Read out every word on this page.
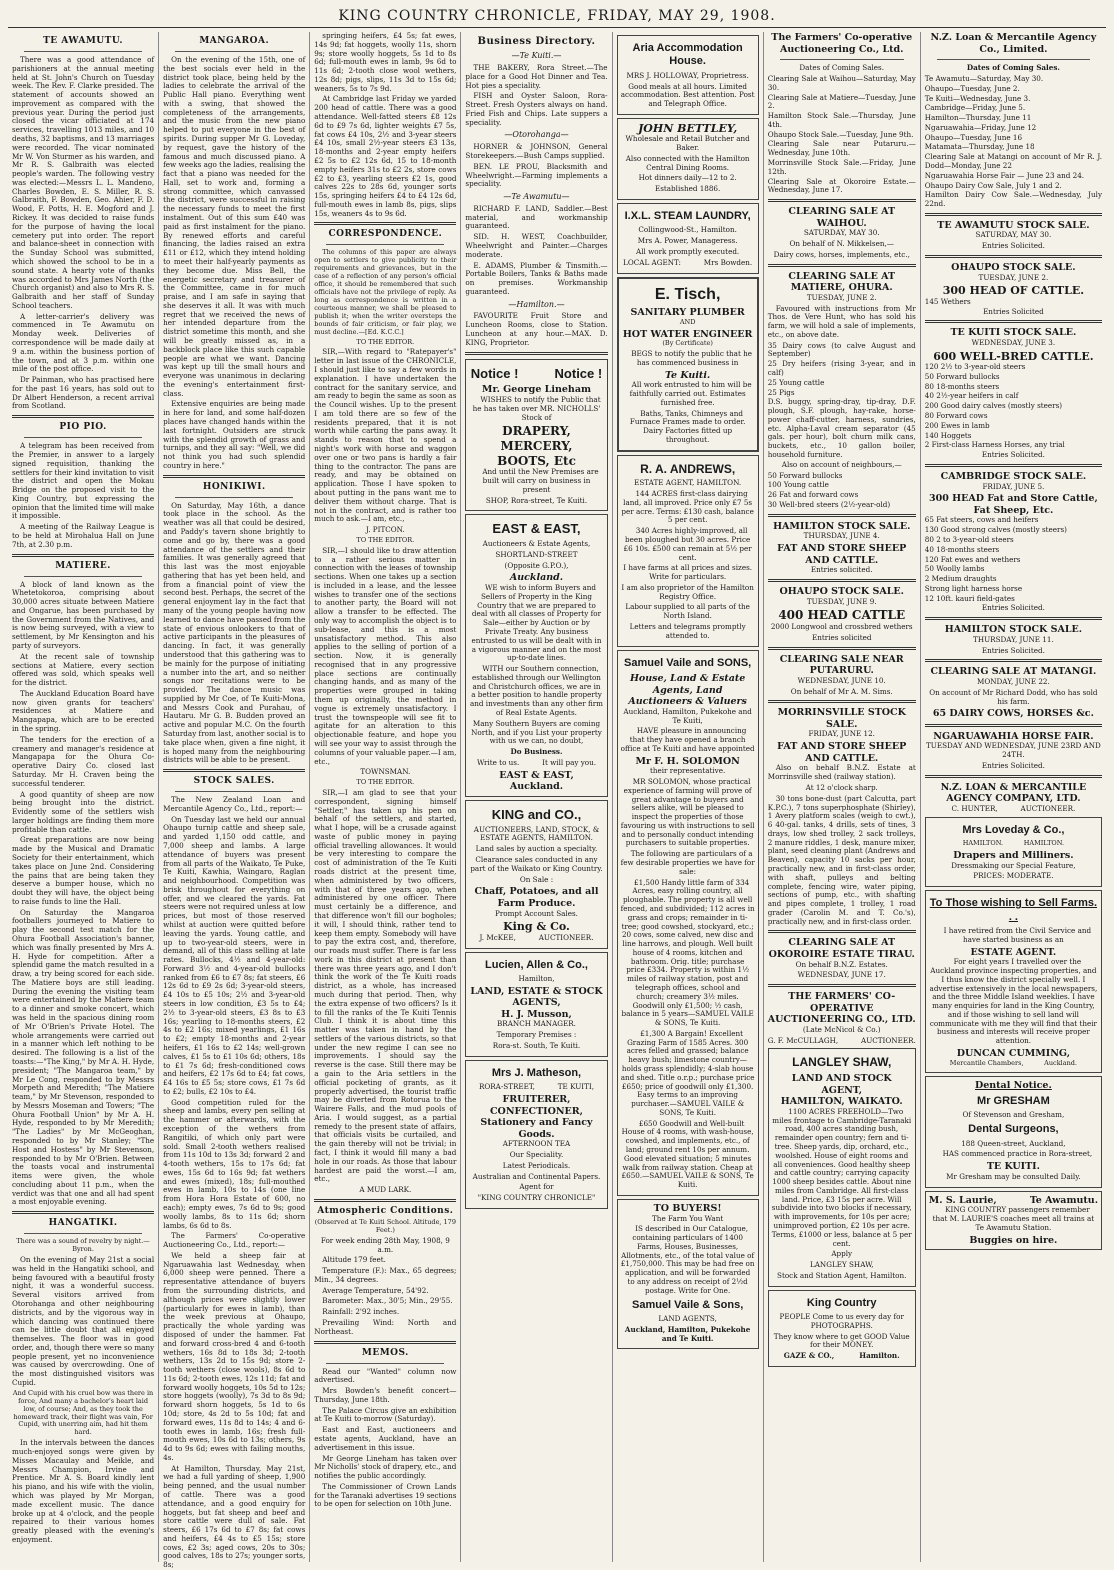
KING COUNTRY CHRONICLE, FRIDAY, MAY 29, 1908.
TE AWAMUTU.

There was a good attendance of parishioners at the annual meeting held at St. John's Church on Tuesday week. The Rev. F. Clarke presided. The statement of accounts showed an improvement as compared with the previous year. During the period just closed the vicar officiated at 174 services, travelling 1013 miles, and 10 deaths, 32 baptisms, and 13 marriages were recorded. The vicar nominated Mr W. Von Sturmer as his warden, and Mr R. S. Galbraith was elected people's warden. The following vestry was elected:—Messrs L. L. Mandeno, Charles Bowden, E. S. Miller, R. S. Galbraith, F. Bowden, Geo. Ahier, F. D. Wood, F. Potts, H. E. Mogford and J. Rickey. It was decided to raise funds for the purpose of having the local cemetery put into order. The report and balance-sheet in connection with the Sunday School was submitted, which showed the school to be in a sound state. A hearty vote of thanks was accorded to Mrs James North (the Church organist) and also to Mrs R. S. Galbraith and her staff of Sunday School teachers.

A letter-carrier's delivery was commenced in Te Awamutu on Monday week. Deliveries of correspondence will be made daily at 9 a.m. within the business portion of the town, and at 3 p.m. within one mile of the post office.

Dr Painman, who has practised here for the past 16 years, has sold out to Dr Albert Henderson, a recent arrival from Scotland.

PIO PIO.

A telegram has been received from the Premier, in answer to a largely signed requisition, thanking the settlers for their kind invitation to visit the district and open the Mokau Bridge on the proposed visit to the King Country, but expressing the opinion that the limited time will make it impossible.

A meeting of the Railway League is to be held at Mirohalua Hall on June 7th, at 2.30 p.m.

MATIERE.

A block of land known as the Whetetokoroa, comprising about 30,000 acres situate between Matiere and Ongarue, has been purchased by the Government from the Natives, and is now being surveyed, with a view to settlement, by Mr Kensington and his party of surveyors.

At the recent sale of township sections at Matiere, every section offered was sold, which speaks well for the district.

The Auckland Education Board have now given grants for teachers' residences at Matiere and Mangapapa, which are to be erected in the spring.

The tenders for the erection of a creamery and manager's residence at Mangapapa for the Ohura Co-operative Dairy Co. closed last Saturday. Mr H. Craven being the successful tenderer.

A good quantity of sheep are now being brought into the district. Evidently some of the settlers wish larger holdings are finding them more profitable than cattle.

Great preparations are now being made by the Musical and Dramatic Society for their entertainment, which takes place on June 2nd. Considering the pains that are being taken they deserve a bumper house, which no doubt they will have, the object being to raise funds to line the Hall.

On Saturday the Mangaroa footballers journeyed to Matiere to play the second test match for the Ohura Football Association's banner, which was finally presented by Mrs A. H. Hyde for competition. After a splendid game the match resulted in a draw, a try being scored for each side. The Matiere boys are still leading. During the evening the visiting team were entertained by the Matiere team to a dinner and smoke concert, which was held in the spacious dining room of Mr O'Brien's Private Hotel. The whole arrangements were carried out in a manner which left nothing to be desired. The following is a list of the toasts:—"The King," by Mr A. H. Hyde, president; "The Mangaroa team," by Mr Le Cong, responded to by Messrs Morpeth and Meredith; "The Matiere team," by Mr Stevenson, responded to by Messrs Moseman and Towers; "The Ohura Football Union" by Mr A. H. Hyde, responded to by Mr Meredith; "The Ladies" by Mr McGeoghan, responded to by Mr Stanley; "The Host and Hostess" by Mr Stevenson, responded to by Mr O'Brien. Between the toasts vocal and instrumental items were given, the whole concluding about 11 p.m., when the verdict was that one and all had spent a most enjoyable evening.

HANGATIKI.

There was a sound of revelry by night.—Byron.

On the evening of May 21st a social was held in the Hangatiki school, and being favoured with a beautiful frosty night, it was a wonderful success. Several visitors arrived from Otorohanga and other neighbouring districts, and by the vigorous way in which dancing was continued there can be little doubt that all enjoyed themselves. The floor was in good order, and, though there were so many people present, yet no inconvenience was caused by overcrowding. One of the most distinguished visitors was Cupid.

And Cupid with his cruel bow was there in force, And many a bachelor's heart laid low, of course; And, as they took the homeward track, their flight was vain, For Cupid, with unerring aim, had hit them hard.

In the intervals between the dances much-enjoyed songs were given by Misses Macaulay and Meikle, and Messrs Champion, Irvine and Prentice. Mr A. S. Board kindly lent his piano, and his wife with the violin, which was played by Mr Morgan, made excellent music. The dance broke up at 4 o'clock, and the people repaired to their various homes greatly pleased with the evening's enjoyment.

MANGAROA.

On the evening of the 15th, one of the best socials ever held in the district took place, being held by the ladies to celebrate the arrival of the Public Hall piano. Everything went with a swing, that showed the completeness of the arrangements, and the music from the new piano helped to put everyone in the best of spirits. During supper Mr G. Loveday, by request, gave the history of the famous and much discussed piano. A few weeks ago the ladies, realising the fact that a piano was needed for the Hall, set to work and, forming a strong committee, which canvassed the district, were successful in raising the necessary funds to meet the first instalment. Out of this sum £40 was paid as first instalment for the piano. By renewed efforts and careful financing, the ladies raised an extra £11 or £12, which they intend holding to meet their half-yearly payments as they become due. Miss Bell, the energetic secretary and treasurer of the Committee, came in for much praise, and I am safe in saying that she deserves it all. It was with much regret that we received the news of her intended departure from the district sometime this month, and she will be greatly missed as, in a backblock place like this such capable people are what we want. Dancing was kept up till the small hours and everyone was unanimous in declaring the evening's entertainment first-class.

Extensive enquiries are being made in here for land, and some half-dozen places have changed hands within the last fortnight. Outsiders are struck with the splendid growth of grass and turnips, and they all say: "Well, we did not think you had such splendid country in here."

HONIKIWI.

On Saturday, May 16th, a dance took place in the school. As the weather was all that could be desired, and Paddy's tavern shone brightly to come and go by, there was a good attendance of the settlers and their families. It was generally agreed that this last was the most enjoyable gathering that has yet been held, and from a financial point of view the second best. Perhaps, the secret of the general enjoyment lay in the fact that many of the young people having now learned to dance have passed from the state of envious onlookers to that of active participants in the pleasures of dancing. In fact, it was generally understood that this gathering was to be mainly for the purpose of initiating a number into the art, and so neither songs nor recitations were to be provided. The dance music was supplied by Mr Coe, of Te Kuiti-Mona, and Messrs Cook and Purahau, of Hautaru. Mr G. B. Budden proved an active and popular M.C. On the fourth Saturday from last, another social is to take place when, given a fine night, it is hoped many from the neighbouring districts will be able to be present.

STOCK SALES.

The New Zealand Loan and Mercantile Agency Co., Ltd., report:—

On Tuesday last we held our annual Ohaupo turnip cattle and sheep sale, and yarded 1,150 odd cattle, and 7,000 sheep and lambs. A large attendance of buyers was present from all parts of the Waikato, Te Puke, Te Kuiti, Kawhia, Waingaro, Raglan and neighbourhood. Competition was brisk throughout for everything on offer, and we cleared the yards. Fat steers were not required unless at low prices, but most of those reserved whilst at auction were quitted before leaving the yards. Young cattle, and up to two-year-old steers, were in demand, all of this class selling at late rates. Bullocks, 4½ and 4-year-old: Forward 3½ and 4-year-old bullocks ranked from £6 to £7 8s; fat steers, £6 12s 6d to £9 2s 6d; 3-year-old steers, £4 10s to £5 10s; 2½ and 3-year-old steers in low condition, £3 5s to £4; 2½ to 3-year-old steers, £3 8s to £3 16s; yearling to 18-months steers, £2 4s to £2 16s; mixed yearlings, £1 16s to £2; empty 18-months and 2-year heifers, £1 16s to £2 14s; well-grown calves, £1 5s to £1 10s 6d; others, 18s to £1 7s 6d; fresh-conditioned cows and heifers, £2 17s 6d to £4; fat cows, £4 16s to £5 5s; store cows, £1 7s 6d to £2; bulls, £2 10s to £4.

Good competition ruled for the sheep and lambs, every pen selling at the hammer or afterwards, with the exception of the wethers from Rangitiki, of which only part were sold. Small 2-tooth wethers realised from 11s 10d to 13s 3d; forward 2 and 4-tooth wethers, 15s to 17s 6d; fat ewes, 15s 6d to 16s 9d; fat wethers and ewes (mixed), 18s; full-mouthed ewes in lamb, 10s to 14s (one line from Hora Hora Estate of 600, no each); empty ewes, 7s 6d to 9s; good woolly lambs, 8s to 11s 6d; shorn lambs, 6s 6d to 8s.

The Farmers' Co-operative Auctioneering Co., Ltd., report:—

We held a sheep fair at Ngaruawahia last Wednesday, when 6,000 sheep were penned. There a representative attendance of buyers from the surrounding districts, and although prices were slightly lower (particularly for ewes in lamb), than the week previous at Ohaupo, practically the whole yarding was disposed of under the hammer. Fat and forward cross-bred 4 and 6-tooth wethers, 16s 8d to 18s 3d; 2-tooth wethers, 13s 2d to 15s 9d; store 2-tooth wethers (close wools), 8s 6d to 11s 6d; 2-tooth ewes, 12s 11d; fat and forward woolly hoggets, 10s 5d to 12s; store hoggets (woolly), 7s 3d to 8s 9d; forward shorn hoggets, 5s 1d to 6s 10d; store, 4s 2d to 5s 10d; fat and forward ewes, 11s 8d to 14s; 4 and 6-tooth ewes in lamb, 16s; fresh full-mouth ewes, 10s 6d to 13s; others, 9s 4d to 9s 6d; ewes with failing mouths, 4s.

At Hamilton, Thursday, May 21st, we had a full yarding of sheep, 1,900 being penned, and the usual number of cattle. There was a good attendance, and a good enquiry for hoggets, but fat sheep and beef and store cattle were dull of sale. Fat steers, £6 17s 6d to £7 8s; fat cows and heifers, £4 4s to £5 15s; store cows, £2 3s; aged cows, 20s to 30s; good calves, 18s to 27s; younger sorts, 8s;

springing heifers, £4 5s; fat ewes, 14s 9d; fat hoggets, woolly 11s, shorn 9s; store woolly hoggets, 5s 1d to 8s 6d; full-mouth ewes in lamb, 9s 6d to 11s 6d; 2-tooth close wool wethers, 12s 8d; pigs, slips, 11s 3d to 15s 6d; weaners, 5s to 7s 9d.

At Cambridge last Friday we yarded 200 head of cattle. There was a good attendance. Well-fatted steers £8 12s 6d to £9 7s 6d, lighter weights £7 5s, fat cows £4 10s, 2½ and 3-year steers £4 10s, small 2½-year steers £3 13s, 18-months and 2-year empty heifers £2 5s to £2 12s 6d, 15 to 18-month empty heifers 31s to £2 2s, store cows £2 to £3, yearling steers £2 1s, good calves 22s to 28s 6d, younger sorts 15s, springing heifers £4 to £4 12s 6d, full-mouth ewes in lamb 8s, pigs, slips 15s, weaners 4s to 9s 6d.

CORRESPONDENCE.

The columns of this paper are always open to settlers to give publicity to their requirements and grievances, but in the case of a reflection of any person's official office, it should be remembered that such officials have not the privilege of reply. As long as correspondence is written in a courteous manner, we shall be pleased to publish it; when the writer oversteps the bounds of fair criticism, or fair play, we must decline.—[Ed. K.C.C.]

TO THE EDITOR.

SIR,—With regard to "Ratepayer's" letter in last issue of the CHRONICLE, I should just like to say a few words in explanation. I have undertaken the contract for the sanitary service, and am ready to begin the same as soon as the Council wishes. Up to the present I am told there are so few of the residents prepared, that it is not worth while carting the pans away. It stands to reason that to spend a night's work with horse and waggon over one or two pans is hardly a fair thing to the contractor. The pans are ready, and may be obtained on application. Those I have spoken to about putting in the pans want me to deliver them without charge. That is not in the contract, and is rather too much to ask.—I am, etc.,

J. PITCON.

TO THE EDITOR.

SIR,—I should like to draw attention to a rather serious matter in connection with the leases of township sections. When one takes up a section is included in a lease, and the lessee wishes to transfer one of the sections to another party, the Board will not allow a transfer to be effected. The only way to accomplish the object is to sub-lease, and this is a most unsatisfactory method. This also applies to the selling of portion of a section. Now, it is generally recognised that in any progressive place sections are continually changing hands, and as many of the properties were grouped in taking them up originally, the method in vogue is extremely unsatisfactory. I trust the townspeople will see fit to agitate for an alteration to this objectionable feature, and hope you will see your way to assist through the columns of your valuable paper.—I am, etc.,

TOWNSMAN.

TO THE EDITOR.

SIR,—I am glad to see that your correspondent, signing himself "Settler," has taken up his pen on behalf of the settlers, and started, what I hope, will be a crusade against waste of public money in paying official travelling allowances. It would be very interesting to compare the cost of administration of the Te Kuiti roads district at the present time, when administered by two officers, with that of three years ago, when administered by one officer. There must certainly be a difference, and that difference won't fill our bogholes; it will, I should think, rather tend to keep them empty. Somebody will have to pay the extra cost, and, therefore, our roads must suffer. There is far less work in this district at present than there was three years ago, and I don't think the work of the Te Kuiti roads district, as a whole, has increased much during that period. Then, why the extra expense of two officers? Is it to fill the ranks of the Te Kuiti Tennis Club. I think it is about time this matter was taken in hand by the settlers of the various districts, so that under the new regime I can see no improvements. I should say the reverse is the case. Still there may be a gain to the Aria settlers in the official pocketing of grants, as it properly advertised, the tourist traffic may be diverted from Rotorua to the Wairere Falls, and the mud pools of Aria. I would suggest, as a partial remedy to the present state of affairs, that officials visits be curtailed, and the gain thereby will not be trivial; in fact, I think it would fill many a bad hole in our roads. As those that labour hardest are paid the worst.—I am, etc.,

A MUD LARK.

Atmospheric Conditions.

(Observed at Te Kuiti School. Altitude, 179 Feet.)

For week ending 28th May, 1908, 9 a.m.

Altitude 179 feet.

Temperature (F.): Max., 65 degrees; Min., 34 degrees.

Average Temperature, 54'92.

Barometer: Max., 30'5; Min., 29'55.

Rainfall: 2'92 inches.

Prevailing Wind: North and Northeast.

MEMOS.

Read our "Wanted" column now advertised.

Mrs Bowden's benefit concert—Thursday, June 18th.

The Palace Circus give an exhibition at Te Kuiti to-morrow (Saturday).

East and East, auctioneers and estate agents, Auckland, have an advertisement in this issue.

Mr George Lineham has taken over Mr Nicholls' stock of drapery, etc., and notifies the public accordingly.

The Commissioner of Crown Lands for the Taranaki advertises 19 sections to be open for selection on 10th June.

Business Directory.
—Te Kuiti.—

THE BAKERY, Rora Street.—The place for a Good Hot Dinner and Tea. Hot pies a speciality.

FISH and Oyster Saloon, Rora-Street. Fresh Oysters always on hand. Fried Fish and Chips. Late suppers a speciality.

—Otorohanga—

HORNER & JOHNSON, General Storekeepers.—Bush Camps supplied.

BEN. LE PROU, Blacksmith and Wheelwright.—Farming implements a speciality.

—Te Awamutu—

RICHARD F. LAND, Saddler.—Best material, and workmanship guaranteed.

SID. H. WEST, Coachbuilder, Wheelwright and Painter.—Charges moderate.

E. ADAMS, Plumber & Tinsmith.—Portable Boilers, Tanks & Baths made on premises. Workmanship guaranteed.

—Hamilton.—

FAVOURITE Fruit Store and Luncheon Rooms, close to Station. Luncheon at any hour.—MAX. D. KING, Proprietor.

Notice !          Notice !
Mr. George Lineham

WISHES to notify the Public that he has taken over MR. NICHOLLS' Stock of

DRAPERY,
MERCERY,
BOOTS, Etc

And until the New Premises are built will carry on business in present

SHOP, Rora-street, Te Kuiti.

EAST & EAST,

Auctioneers & Estate Agents,

SHORTLAND-STREET

(Opposite G.P.O.),

Auckland.

WE wish to inform Buyers and Sellers of Property in the King Country that we are prepared to deal with all classes of Property for Sale—either by Auction or by Private Treaty. Any business entrusted to us will be dealt with in a vigorous manner and on the most up-to-date lines.

WITH our Southern connection, established through our Wellington and Christchurch offices, we are in a better position to handle property and investments than any other firm of Real Estate Agents.

Many Southern Buyers are coming North, and if you List your property with us we can, no doubt,

Do Business.

Write to us.          It will pay you.

EAST & EAST,
Auckland.
KING and CO.,

AUCTIONEERS, LAND, STOCK, & ESTATE AGENTS, HAMILTON.

Land sales by auction a specialty.

Clearance sales conducted in any part of the Waikato or King Country.

On Sale :

Chaff, Potatoes, and all Farm Produce.

Prompt Account Sales.

King & Co.

J. McKEE,          AUCTIONEER.

Lucien, Allen & Co.,

Hamilton,

LAND, ESTATE & STOCK AGENTS,
H. J. Musson,

BRANCH MANAGER.

Temporary Premises :

Rora-st. South, Te Kuiti.

Mrs J. Matheson,

RORA-STREET,          TE KUITI,

FRUITERER, CONFECTIONER,
Stationery and Fancy Goods.

AFTERNOON TEA

Our Speciality.

Latest Periodicals.

Australian and Continental Papers.

Agent for

"KING COUNTRY CHRONICLE"

Aria Accommodation House.

MRS J. HOLLOWAY, Proprietress.

Good meals at all hours. Limited accommodation. Best attention. Post and Telegraph Office.

JOHN BETTLEY,

Wholesale and Retail Butcher and Baker.

Also connected with the Hamilton Central Dining Rooms.

Hot dinners daily—12 to 2.

Established 1886.

I.X.L. STEAM LAUNDRY,

Collingwood-St., Hamilton.

Mrs A. Power, Manageress.

All work promptly executed.

LOCAL AGENT:          Mrs Bowden.

E. Tisch,
SANITARY PLUMBER

AND

HOT WATER ENGINEER

(By Certificate)

BEGS to notify the public that he has commenced business in

Te Kuiti.

All work entrusted to him will be faithfully carried out. Estimates furnished free.

Baths, Tanks, Chimneys and Furnace Frames made to order. Dairy Factories fitted up throughout.

R. A. ANDREWS,

ESTATE AGENT, HAMILTON.

144 ACRES first-class dairying land, all improved. Price only £7 5s per acre. Terms: £130 cash, balance 5 per cent.

340 Acres highly-improved, all been ploughed but 30 acres. Price £6 10s. £500 can remain at 5½ per cent.

I have farms at all prices and sizes. Write for particulars.

I am also proprietor of the Hamilton Registry Office.

Labour supplied to all parts of the North Island.

Letters and telegrams promptly attended to.

Samuel Vaile and SONS,
House, Land & Estate Agents, Land Auctioneers & Valuers

Auckland, Hamilton, Pukekohe and Te Kuiti,

HAVE pleasure in announcing that they have opened a branch office at Te Kuiti and have appointed

Mr F. H. SOLOMON

their representative.

MR SOLOMON, whose practical experience of farming will prove of great advantage to buyers and sellers alike, will be pleased to inspect the properties of those favouring us with instructions to sell and to personally conduct intending purchasers to suitable properties.

The following are particulars of a few desirable properties we have for sale:

£1,500 Handy little farm of 334 Acres, easy rolling country, all ploughable. The property is all well fenced, and subdivided; 112 acres in grass and crops; remainder in ti-tree; good cowshed, stockyard, etc.; 20 cows, some calved, new disc and line harrows, and plough. Well built house of 4 rooms, kitchen and bathroom. Orig. title; purchase price £334. Property is within 1½ miles of railway station, post and telegraph offices, school and church; creamery 3½ miles. Goodwill only £1,500; ½ cash, balance in 5 years—SAMUEL VAILE & SONS, Te Kuiti.

£1,300 A Bargain! Excellent Grazing Farm of 1585 Acres. 300 acres felled and grassed; balance heavy bush; limestone country—holds grass splendidly; 4-slab house and shed. Title o.r.p.; purchase price £650; price of goodwill only £1,300. Easy terms to an improving purchaser.—SAMUEL VAILE & SONS, Te Kuiti.

£650 Goodwill and Well-built House of 4 rooms, with wash-house, cowshed, and implements, etc., of land; ground rent 10s per annum. Good elevated situation; 5 minutes walk from railway station. Cheap at £650.—SAMUEL VAILE & SONS, Te Kuiti.

TO BUYERS!

The Farm You Want

IS described in Our Catalogue, containing particulars of 1400 Farms, Houses, Businesses, Allotments, etc., of the total value of £1,750,000. This may be had free on application, and will be forwarded to any address on receipt of 2½d postage. Write for One.

Samuel Vaile & Sons,

LAND AGENTS,

Auckland, Hamilton, Pukekohe and Te Kuiti.

The Farmers' Co-operative Auctioneering Co., Ltd.

Dates of Coming Sales.

Clearing Sale at Waihou—Saturday, May 30.

Clearing Sale at Matiere—Tuesday, June 2.

Hamilton Stock Sale.—Thursday, June 4th.

Ohaupo Stock Sale.—Tuesday, June 9th.

Clearing Sale near Putaruru.—Wednesday, June 10th.

Morrinsville Stock Sale.—Friday, June 12th.

Clearing Sale at Okoroire Estate.—Wednesday, June 17.

CLEARING SALE AT WAIHOU.

SATURDAY, MAY 30.

On behalf of N. Mikkelsen,—

Dairy cows, horses, implements, etc.,

CLEARING SALE AT MATIERE, OHURA.

TUESDAY, JUNE 2.

Favoured with instructions from Mr Thos. de Vere Hunt, who has sold his farm, we will hold a sale of implements, etc., on above date.

35 Dairy cows (to calve August and September)

25 Dry heifers (rising 3-year, and in calf)

25 Young cattle

25 Pigs

D.S. buggy, spring-dray, tip-dray, D.F. plough, S.F. plough, hay-rake, horse-power chaff-cutter, harness, sundries, etc. Alpha-Laval cream separator (45 gals. per hour), bolt churn milk cans, buckets, etc., 10 gallon boiler, household furniture.

Also on account of neighbours,—

50 Forward bullocks

100 Young cattle

26 Fat and forward cows

30 Well-bred steers (2½-year-old)

HAMILTON STOCK SALE.

THURSDAY, JUNE 4.

FAT AND STORE SHEEP AND CATTLE.

Entries solicited.

OHAUPO STOCK SALE.

TUESDAY, JUNE 9.

400 HEAD CATTLE

2000 Longwool and crossbred wethers

Entries solicited

CLEARING SALE NEAR PUTARURU.

WEDNESDAY, JUNE 10.

On behalf of Mr A. M. Sims.

MORRINSVILLE STOCK SALE.

FRIDAY, JUNE 12.

FAT AND STORE SHEEP AND CATTLE.

Also on behalf B.N.Z. Estate at Morrinsville shed (railway station).

At 12 o'clock sharp.

30 tons bone-dust (part Calcutta, part K.P.C.), 7 tons superphosphate (Shirley), 1 Avery platform scales (weigh to cwt.), 6 40-gal. tanks, 4 drills, sets of tines, 3 drays, low shed trolley, 2 sack trolleys, 2 manure riddles, 1 desk, manure mixer, plant, seed cleaning plant (Andrews and Beaven), capacity 10 sacks per hour, practically new, and in first-class order, with shaft, pulleys and belting complete, fencing wire, water piping, sections of pump, etc., with shafting and pipes complete, 1 trolley, 1 road grader (Carolin M. and T. Co.'s), practically new, and in first-class order.

CLEARING SALE AT OKOROIRE ESTATE TIRAU.

On behalf B.N.Z. Estates.

WEDNESDAY, JUNE 17.

THE FARMERS' CO-OPERATIVE AUCTIONEERING CO., LTD.

(Late McNicol & Co.)

G. F. McCULLAGH,          AUCTIONEER.

LANGLEY SHAW,
LAND AND STOCK AGENT,
HAMILTON, WAIKATO.

1100 ACRES FREEHOLD—Two miles frontage to Cambridge-Taranaki road, 400 acres standing bush, remainder open country; fern and ti-tree. Sheep yards, dip, orchard, etc., woolshed. House of eight rooms and all conveniences. Good healthy sheep and cattle country; carrying capacity 1000 sheep besides cattle. About nine miles from Cambridge. All first-class land. Price, £3 15s per acre. Will subdivide into two blocks if necessary, with improvements, for 10s per acre; unimproved portion, £2 10s per acre. Terms, £1000 or less, balance at 5 per cent.

Apply

LANGLEY SHAW,

Stock and Station Agent, Hamilton.

King Country

PEOPLE Come to us every day for PHOTOGRAPHS.

They know where to get GOOD Value for their MONEY.

GAZE & CO.,          Hamilton.

N.Z. Loan & Mercantile Agency Co., Limited.

Dates of Coming Sales.

Te Awamutu—Saturday, May 30.

Ohaupo—Tuesday, June 2.

Te Kuiti—Wednesday, June 3.

Cambridge—Friday, June 5.

Hamilton—Thursday, June 11

Ngaruawahia—Friday, June 12

Ohaupo—Tuesday, June 16

Matamata—Thursday, June 18

Clearing Sale at Matangi on account of Mr R. J. Dodd—Monday, June 22

Ngaruawahia Horse Fair — June 23 and 24.

Ohaupo Dairy Cow Sale, July 1 and 2.

Hamilton Dairy Cow Sale.—Wednesday, July 22nd.

TE AWAMUTU STOCK SALE.

SATURDAY, MAY 30.

Entries Solicited.

OHAUPO STOCK SALE.

TUESDAY, JUNE 2.

300 HEAD OF CATTLE.

145 Wethers

Entries Solicited

TE KUITI STOCK SALE.

WEDNESDAY, JUNE 3.

600 WELL-BRED CATTLE.

120 2½ to 3-year-old steers

50 Forward bullocks

80 18-months steers

40 2½-year heifers in calf

200 Good dairy calves (mostly steers)

80 Forward cows

200 Ewes in lamb

140 Hoggets

2 First-class Harness Horses, any trial

Entries Solicited.

CAMBRIDGE STOCK SALE.

FRIDAY, JUNE 5.

300 HEAD Fat and Store Cattle, Fat Sheep, Etc.

65 Fat steers, cows and heifers

130 Good strong calves (mostly steers)

80 2 to 3-year-old steers

40 18-months steers

120 Fat ewes and wethers

50 Woolly lambs

2 Medium draughts

Strong light harness horse

12 10ft. kauri field-gates

Entries Solicited.

HAMILTON STOCK SALE.

THURSDAY, JUNE 11.

Entries Solicited.

CLEARING SALE AT MATANGI.

MONDAY, JUNE 22.

On account of Mr Richard Dodd, who has sold his farm.

65 DAIRY COWS, HORSES &c.
NGARUAWAHIA HORSE FAIR.

TUESDAY AND WEDNESDAY, JUNE 23RD AND 24TH.

Entries Solicited.

N.Z. LOAN & MERCANTILE AGENCY COMPANY, LTD.

C. HUNTER,          AUCTIONEER.

Mrs Loveday & Co.,

HAMILTON.          HAMILTON.

Drapers and Milliners.

Dressmaking our Special Feature,

PRICES: MODERATE.

To Those wishing to Sell Farms. . .

I have retired from the Civil Service and have started business as an

ESTATE AGENT.

For eight years I travelled over the Auckland province inspecting properties, and I thus know the district specially well. I advertise extensively in the local newspapers, and the three Middle Island weeklies. I have many enquiries for land in the King Country, and if those wishing to sell land will communicate with me they will find that their business and interests will receive proper attention.

DUNCAN CUMMING,

Mercantile Chambers,          Auckland.

Dental Notice.
Mr GRESHAM

Of Stevenson and Gresham,

Dental Surgeons,

188 Queen-street, Auckland,

HAS commenced practice in Rora-street,

TE KUITI.

Mr Gresham may be consulted Daily.

M. S. Laurie,          Te Awamutu.

KING COUNTRY passengers remember that M. LAURIE'S coaches meet all trains at Te Awamutu Station.

Buggies on hire.
